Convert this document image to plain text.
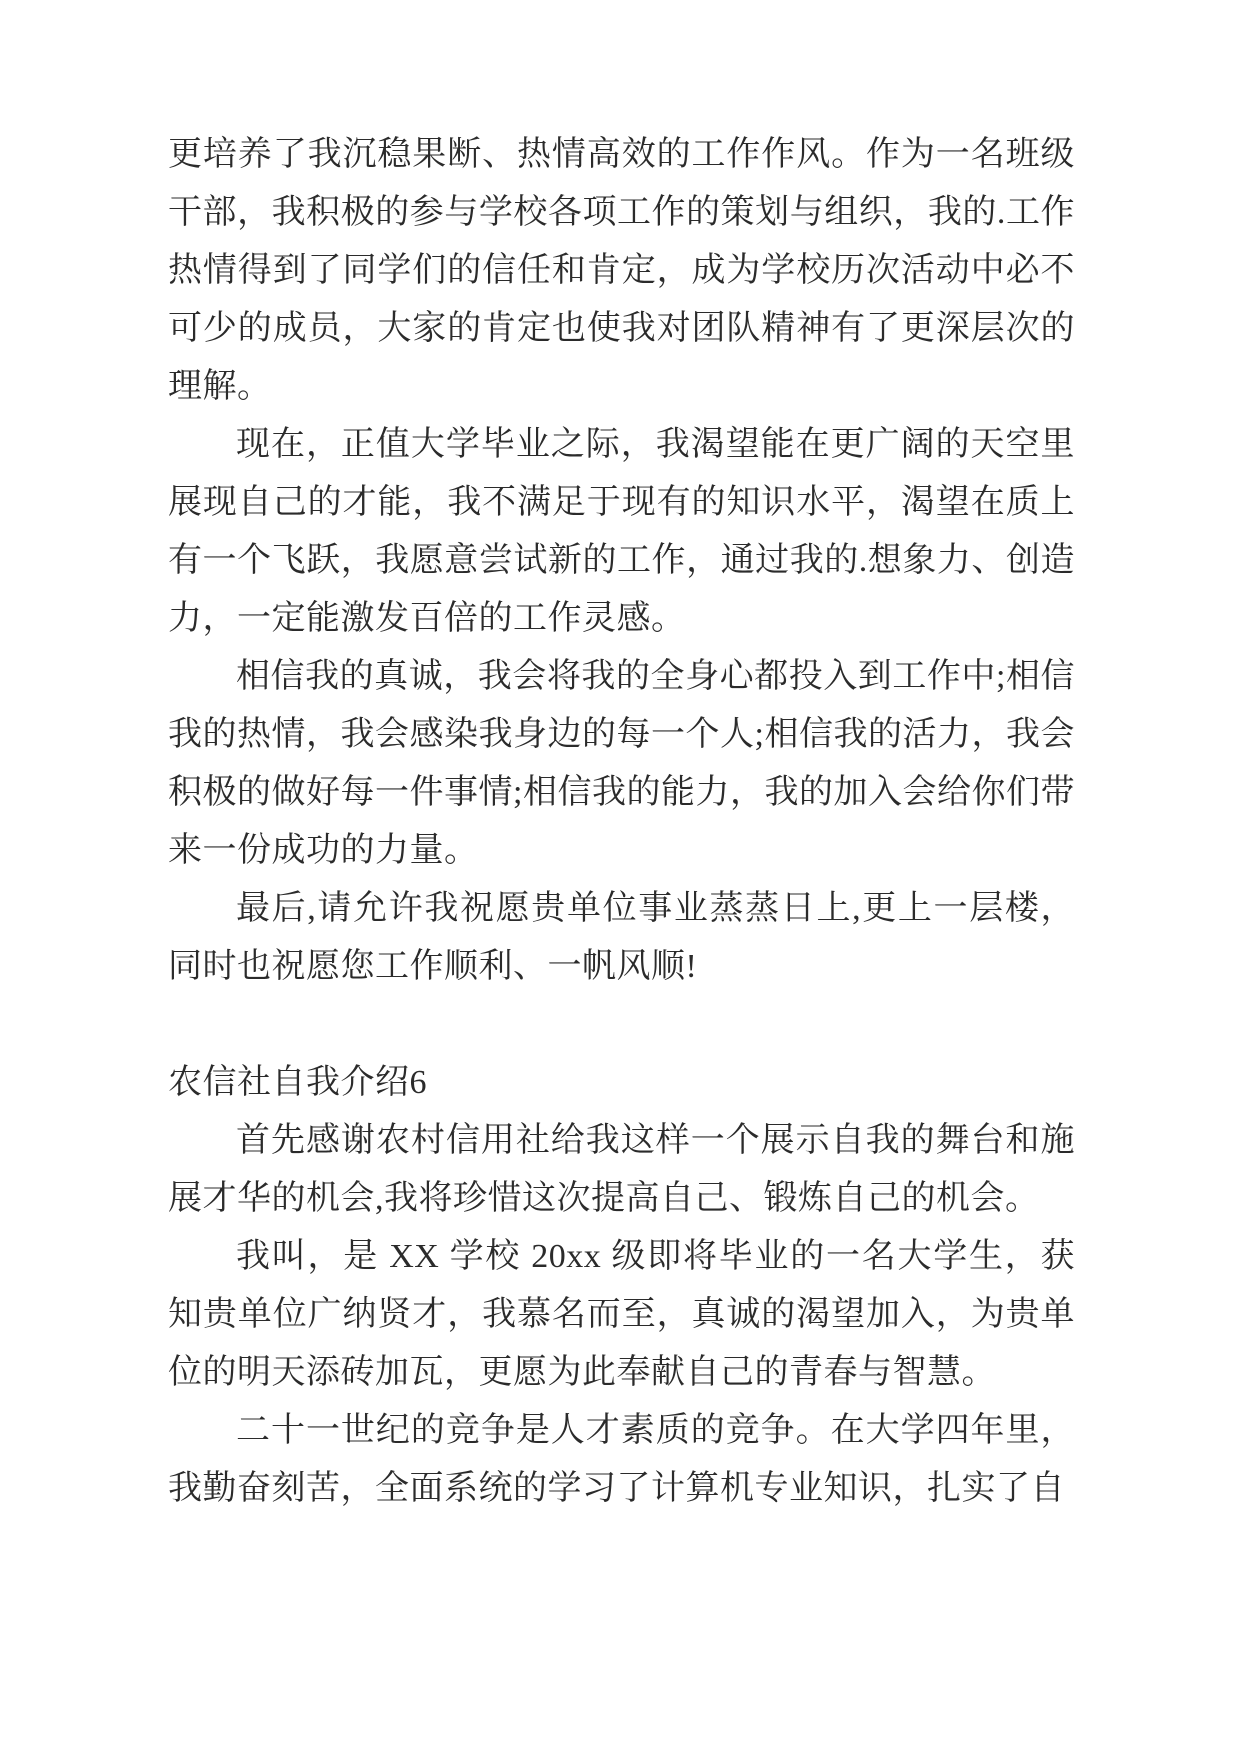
更培养了我沉稳果断、热情高效的工作作风。作为一名班级干部，我积极的参与学校各项工作的策划与组织，我的.工作热情得到了同学们的信任和肯定，成为学校历次活动中必不可少的成员，大家的肯定也使我对团队精神有了更深层次的理解。

现在，正值大学毕业之际，我渴望能在更广阔的天空里展现自己的才能，我不满足于现有的知识水平，渴望在质上有一个飞跃，我愿意尝试新的工作，通过我的.想象力、创造力，一定能激发百倍的工作灵感。

相信我的真诚，我会将我的全身心都投入到工作中;相信我的热情，我会感染我身边的每一个人;相信我的活力，我会积极的做好每一件事情;相信我的能力，我的加入会给你们带来一份成功的力量。

最后,请允许我祝愿贵单位事业蒸蒸日上,更上一层楼，同时也祝愿您工作顺利、一帆风顺!

农信社自我介绍6

首先感谢农村信用社给我这样一个展示自我的舞台和施展才华的机会,我将珍惜这次提高自己、锻炼自己的机会。

我叫，是 XX 学校 20xx 级即将毕业的一名大学生，获知贵单位广纳贤才，我慕名而至，真诚的渴望加入，为贵单位的明天添砖加瓦，更愿为此奉献自己的青春与智慧。

二十一世纪的竞争是人才素质的竞争。在大学四年里，我勤奋刻苦，全面系统的学习了计算机专业知识，扎实了自
